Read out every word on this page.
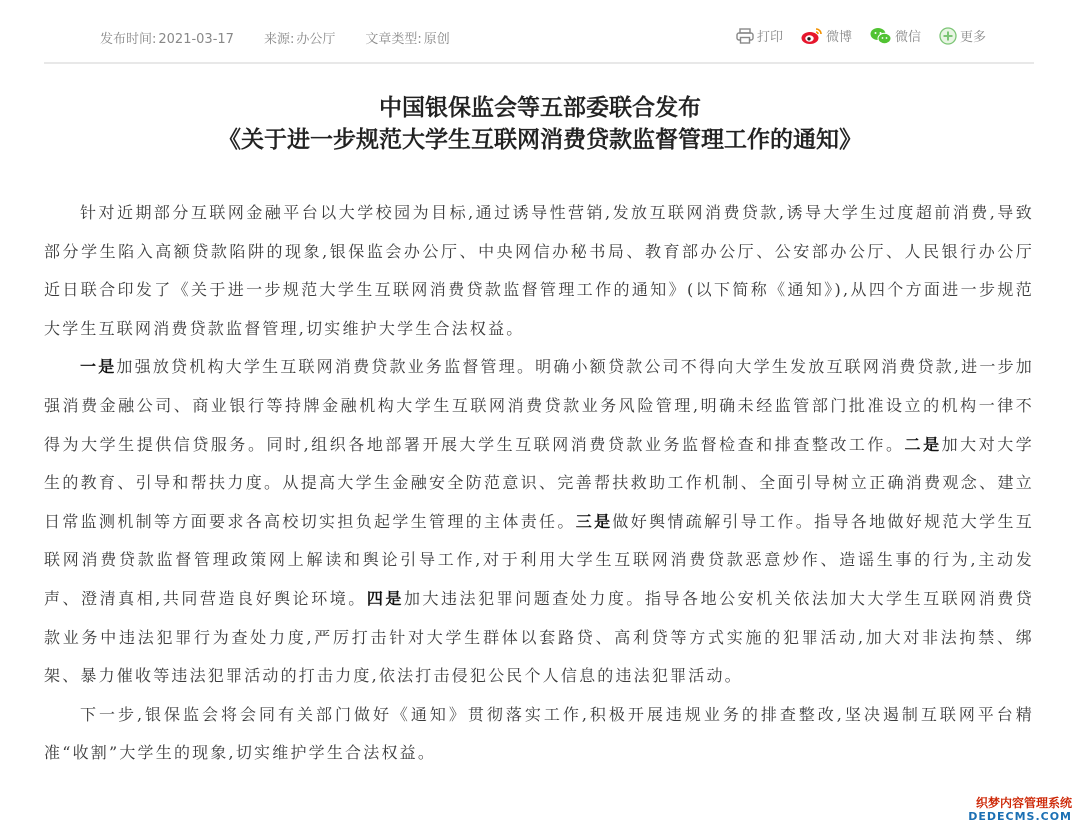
发布时间: 2021-03-17 来源: 办公厅 文章类型: 原创	打印	微博	微信	更多
中国银保监会等五部委联合发布
《关于进一步规范大学生互联网消费贷款监督管理工作的通知》

针对近期部分互联网金融平台以大学校园为目标,通过诱导性营销,发放互联网消费贷款,诱导大学生过度超前消费,导致部分学生陷入高额贷款陷阱的现象,银保监会办公厅、中央网信办秘书局、教育部办公厅、公安部办公厅、人民银行办公厅近日联合印发了《关于进一步规范大学生互联网消费贷款监督管理工作的通知》(以下简称《通知》),从四个方面进一步规范大学生互联网消费贷款监督管理,切实维护大学生合法权益。

一是加强放贷机构大学生互联网消费贷款业务监督管理。明确小额贷款公司不得向大学生发放互联网消费贷款,进一步加强消费金融公司、商业银行等持牌金融机构大学生互联网消费贷款业务风险管理,明确未经监管部门批准设立的机构一律不得为大学生提供信贷服务。同时,组织各地部署开展大学生互联网消费贷款业务监督检查和排查整改工作。二是加大对大学生的教育、引导和帮扶力度。从提高大学生金融安全防范意识、完善帮扶救助工作机制、全面引导树立正确消费观念、建立日常监测机制等方面要求各高校切实担负起学生管理的主体责任。三是做好舆情疏解引导工作。指导各地做好规范大学生互联网消费贷款监督管理政策网上解读和舆论引导工作,对于利用大学生互联网消费贷款恶意炒作、造谣生事的行为,主动发声、澄清真相,共同营造良好舆论环境。四是加大违法犯罪问题查处力度。指导各地公安机关依法加大大学生互联网消费贷款业务中违法犯罪行为查处力度,严厉打击针对大学生群体以套路贷、高利贷等方式实施的犯罪活动,加大对非法拘禁、绑架、暴力催收等违法犯罪活动的打击力度,依法打击侵犯公民个人信息的违法犯罪活动。

下一步,银保监会将会同有关部门做好《通知》贯彻落实工作,积极开展违规业务的排查整改,坚决遏制互联网平台精准“收割”大学生的现象,切实维护学生合法权益。

织梦内容管理系统
DEDECMS.COM
